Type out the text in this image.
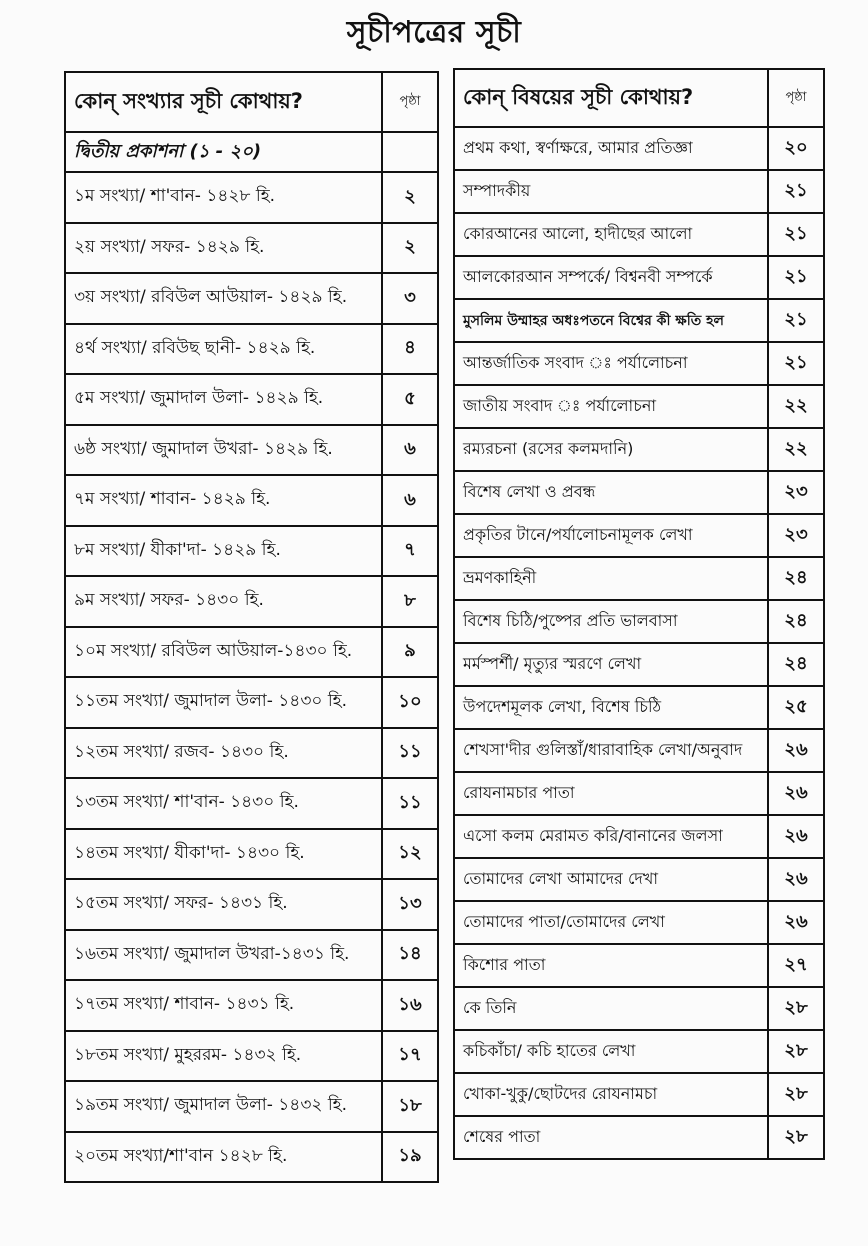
সূচীপত্রের সূচী
কোন্ সংখ্যার সূচী কোথায়?	পৃষ্ঠা
দ্বিতীয় প্রকাশনা (১ - ২০)	
১ম সংখ্যা/ শা'বান- ১৪২৮ হি.	২
২য় সংখ্যা/ সফর- ১৪২৯ হি.	২
৩য় সংখ্যা/ রবিউল আউয়াল- ১৪২৯ হি.	৩
৪র্থ সংখ্যা/ রবিউছ ছানী- ১৪২৯ হি.	৪
৫ম সংখ্যা/ জুমাদাল উলা- ১৪২৯ হি.	৫
৬ষ্ঠ সংখ্যা/ জুমাদাল উখরা- ১৪২৯ হি.	৬
৭ম সংখ্যা/ শাবান- ১৪২৯ হি.	৬
৮ম সংখ্যা/ যীকা'দা- ১৪২৯ হি.	৭
৯ম সংখ্যা/ সফর- ১৪৩০ হি.	৮
১০ম সংখ্যা/ রবিউল আউয়াল-১৪৩০ হি.	৯
১১তম সংখ্যা/ জুমাদাল উলা- ১৪৩০ হি.	১০
১২তম সংখ্যা/ রজব- ১৪৩০ হি.	১১
১৩তম সংখ্যা/ শা'বান- ১৪৩০ হি.	১১
১৪তম সংখ্যা/ যীকা'দা- ১৪৩০ হি.	১২
১৫তম সংখ্যা/ সফর- ১৪৩১ হি.	১৩
১৬তম সংখ্যা/ জুমাদাল উখরা-১৪৩১ হি.	১৪
১৭তম সংখ্যা/ শাবান- ১৪৩১ হি.	১৬
১৮তম সংখ্যা/ মুহররম- ১৪৩২ হি.	১৭
১৯তম সংখ্যা/ জুমাদাল উলা- ১৪৩২ হি.	১৮
২০তম সংখ্যা/শা'বান ১৪২৮ হি.	১৯
কোন্ বিষয়ের সূচী কোথায়?	পৃষ্ঠা
প্রথম কথা, স্বর্ণাক্ষরে, আমার প্রতিজ্ঞা	২০
সম্পাদকীয়	২১
কোরআনের আলো, হাদীছের আলো	২১
আলকোরআন সম্পর্কে/ বিশ্বনবী সম্পর্কে	২১
মুসলিম উম্মাহর অধঃপতনে বিশ্বের কী ক্ষতি হল	২১
আন্তর্জাতিক সংবাদ ঃ পর্যালোচনা	২১
জাতীয় সংবাদ ঃ পর্যালোচনা	২২
রম্যরচনা (রসের কলমদানি)	২২
বিশেষ লেখা ও প্রবন্ধ	২৩
প্রকৃতির টানে/পর্যালোচনামূলক লেখা	২৩
ভ্রমণকাহিনী	২৪
বিশেষ চিঠি/পুষ্পের প্রতি ভালবাসা	২৪
মর্মস্পর্শী/ মৃত্যুর স্মরণে লেখা	২৪
উপদেশমূলক লেখা, বিশেষ চিঠি	২৫
শেখসা'দীর গুলিস্তাঁ/ধারাবাহিক লেখা/অনুবাদ	২৬
রোযনামচার পাতা	২৬
এসো কলম মেরামত করি/বানানের জলসা	২৬
তোমাদের লেখা আমাদের দেখা	২৬
তোমাদের পাতা/তোমাদের লেখা	২৬
কিশোর পাতা	২৭
কে তিনি	২৮
কচিকাঁচা/ কচি হাতের লেখা	২৮
খোকা-খুকু/ছোটদের রোযনামচা	২৮
শেষের পাতা	২৮
